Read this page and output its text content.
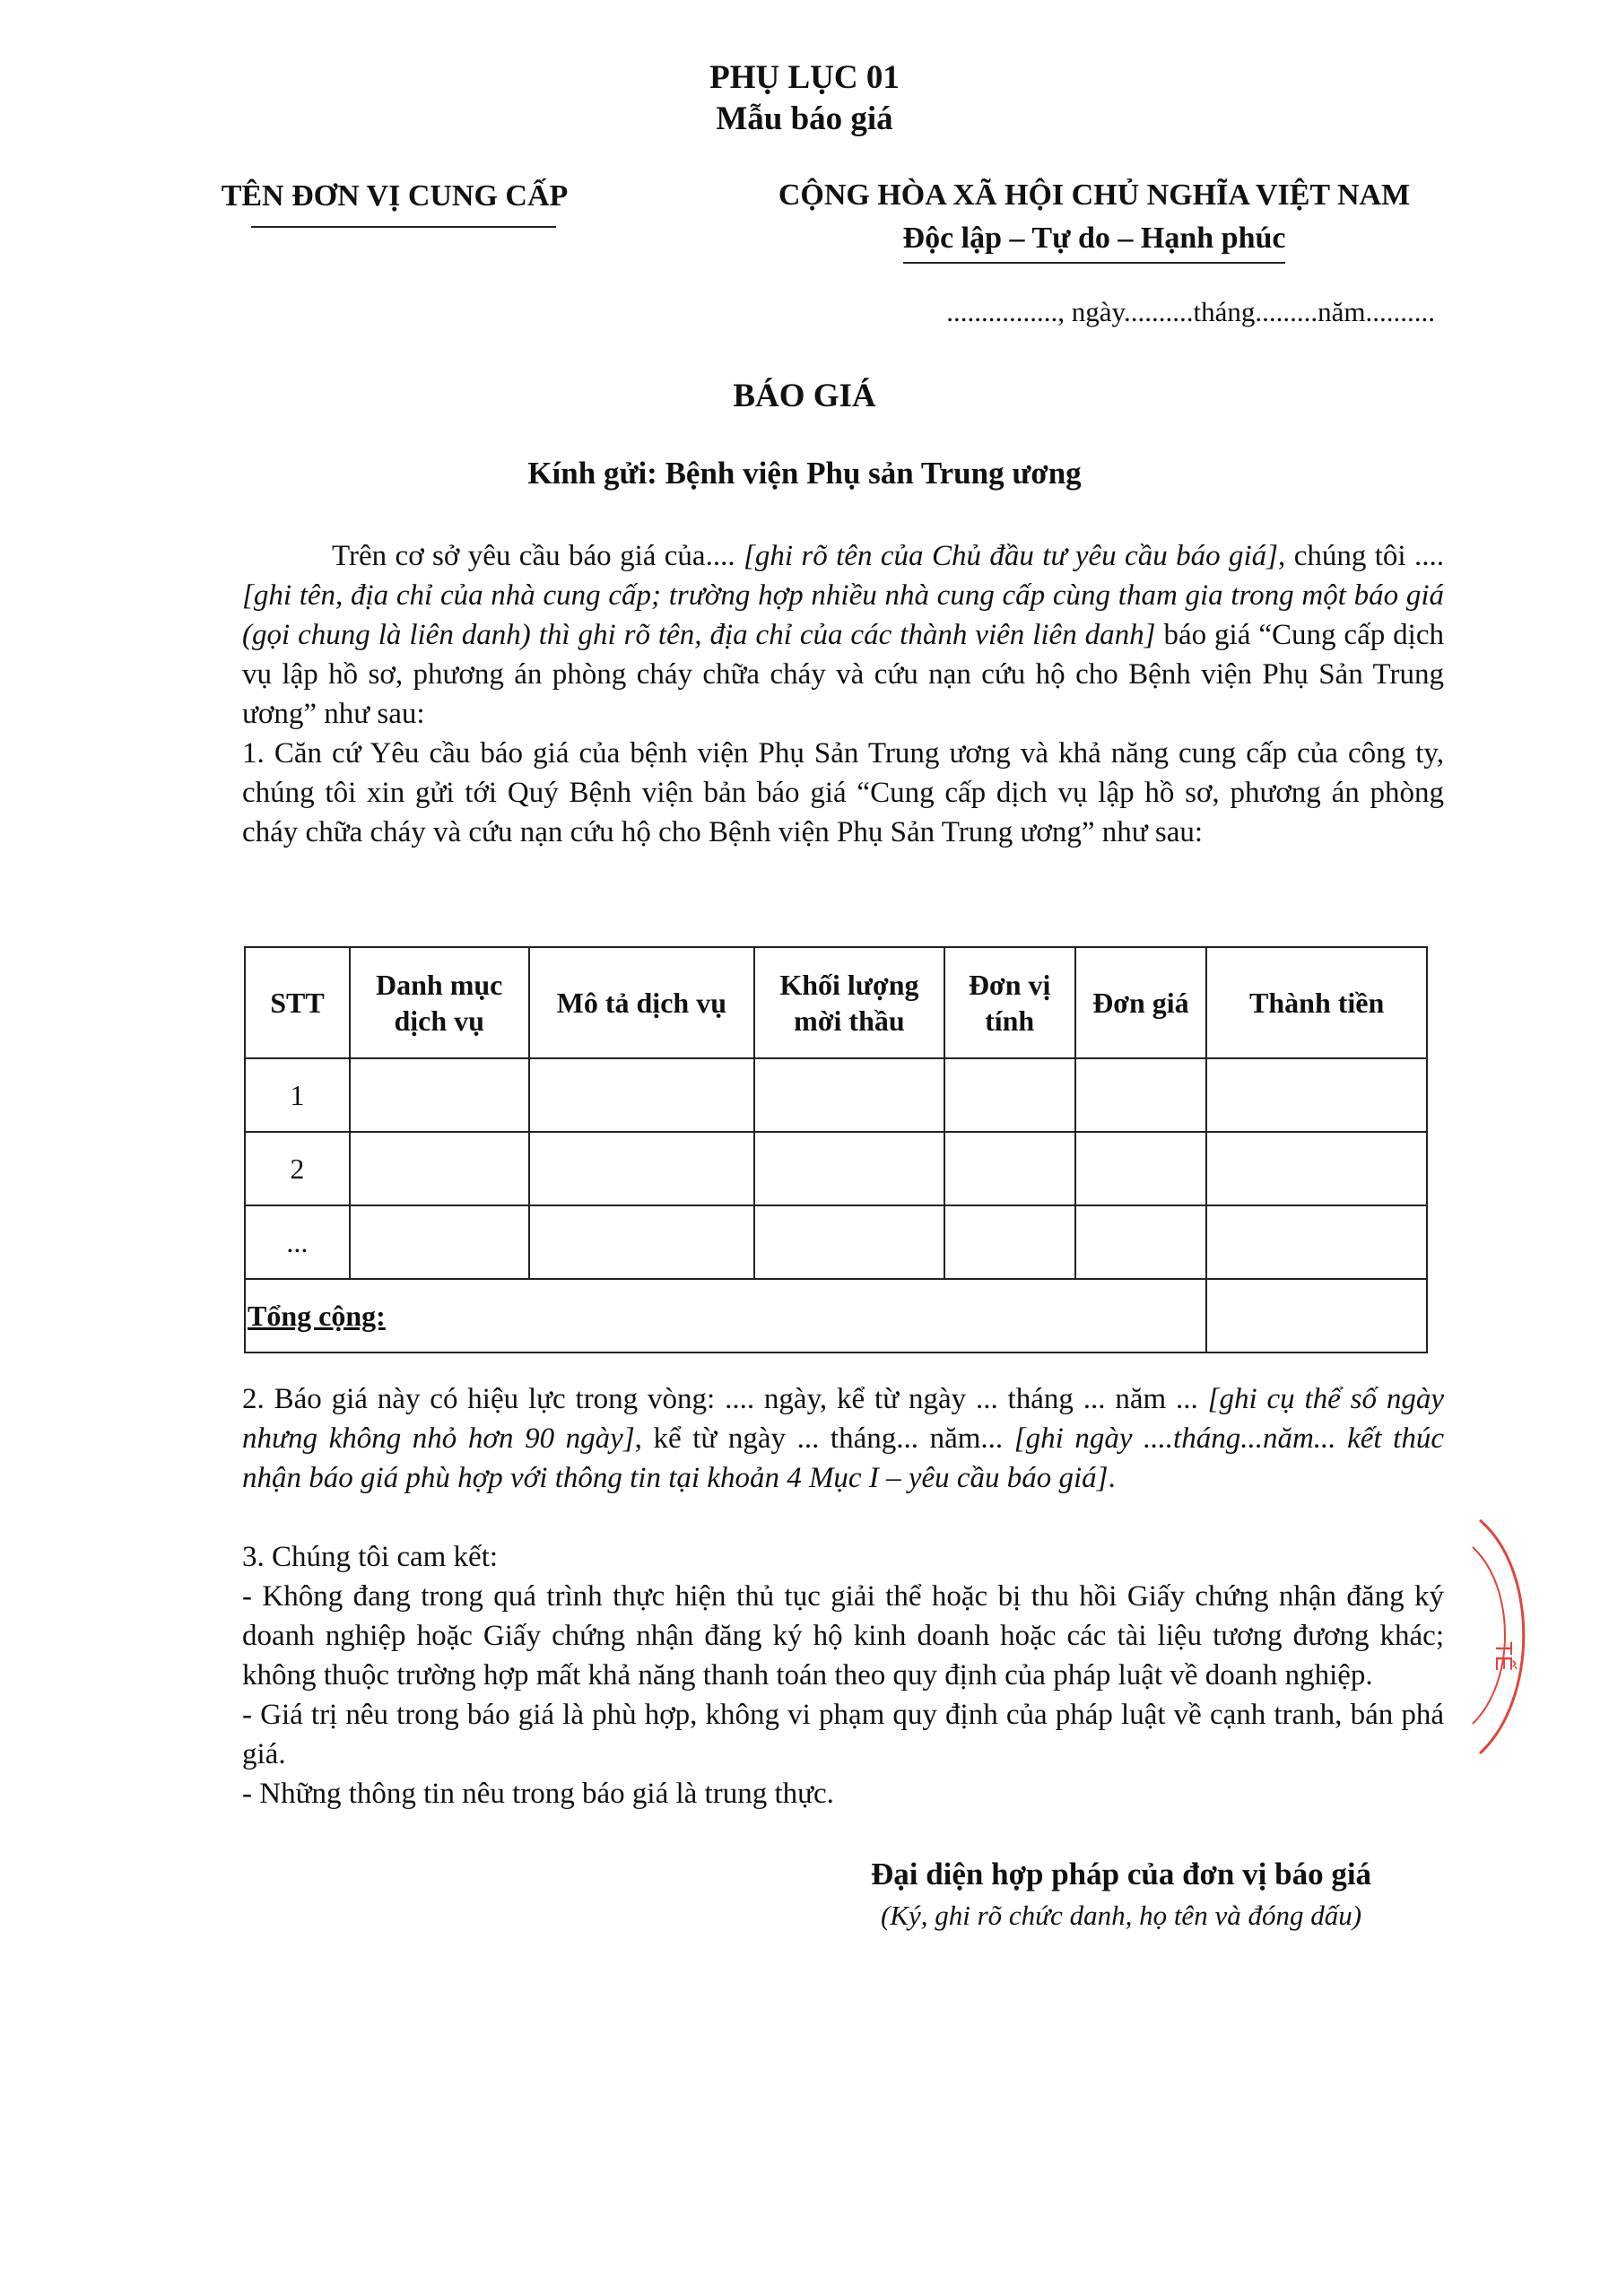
PHỤ LỤC 01
Mẫu báo giá
TÊN ĐƠN VỊ CUNG CẤP	CỘNG HÒA XÃ HỘI CHỦ NGHĨA VIỆT NAM
Độc lập – Tự do – Hạnh phúc
................, ngày..........tháng.........năm..........
BÁO GIÁ
Kính gửi: Bệnh viện Phụ sản Trung ương
Trên cơ sở yêu cầu báo giá của.... [ghi rõ tên của Chủ đầu tư yêu cầu báo giá], chúng tôi .... [ghi tên, địa chỉ của nhà cung cấp; trường hợp nhiều nhà cung cấp cùng tham gia trong một báo giá (gọi chung là liên danh) thì ghi rõ tên, địa chỉ của các thành viên liên danh] báo giá “Cung cấp dịch vụ lập hồ sơ, phương án phòng cháy chữa cháy và cứu nạn cứu hộ cho Bệnh viện Phụ Sản Trung ương” như sau:
1. Căn cứ Yêu cầu báo giá của bệnh viện Phụ Sản Trung ương và khả năng cung cấp của công ty, chúng tôi xin gửi tới Quý Bệnh viện bản báo giá “Cung cấp dịch vụ lập hồ sơ, phương án phòng cháy chữa cháy và cứu nạn cứu hộ cho Bệnh viện Phụ Sản Trung ương” như sau:
STT	Danh mục dịch vụ	Mô tả dịch vụ	Khối lượng mời thầu	Đơn vị tính	Đơn giá	Thành tiền
1						
2						
...						
Tổng cộng:						
2. Báo giá này có hiệu lực trong vòng: .... ngày, kể từ ngày ... tháng ... năm ... [ghi cụ thể số ngày nhưng không nhỏ hơn 90 ngày], kể từ ngày ... tháng... năm... [ghi ngày ....tháng...năm... kết thúc nhận báo giá phù hợp với thông tin tại khoản 4 Mục I – yêu cầu báo giá].
3. Chúng tôi cam kết:
- Không đang trong quá trình thực hiện thủ tục giải thể hoặc bị thu hồi Giấy chứng nhận đăng ký doanh nghiệp hoặc Giấy chứng nhận đăng ký hộ kinh doanh hoặc các tài liệu tương đương khác; không thuộc trường hợp mất khả năng thanh toán theo quy định của pháp luật về doanh nghiệp.
- Giá trị nêu trong báo giá là phù hợp, không vi phạm quy định của pháp luật về cạnh tranh, bán phá giá.
- Những thông tin nêu trong báo giá là trung thực.
Đại diện hợp pháp của đơn vị báo giá
(Ký, ghi rõ chức danh, họ tên và đóng dấu)
TẾ
